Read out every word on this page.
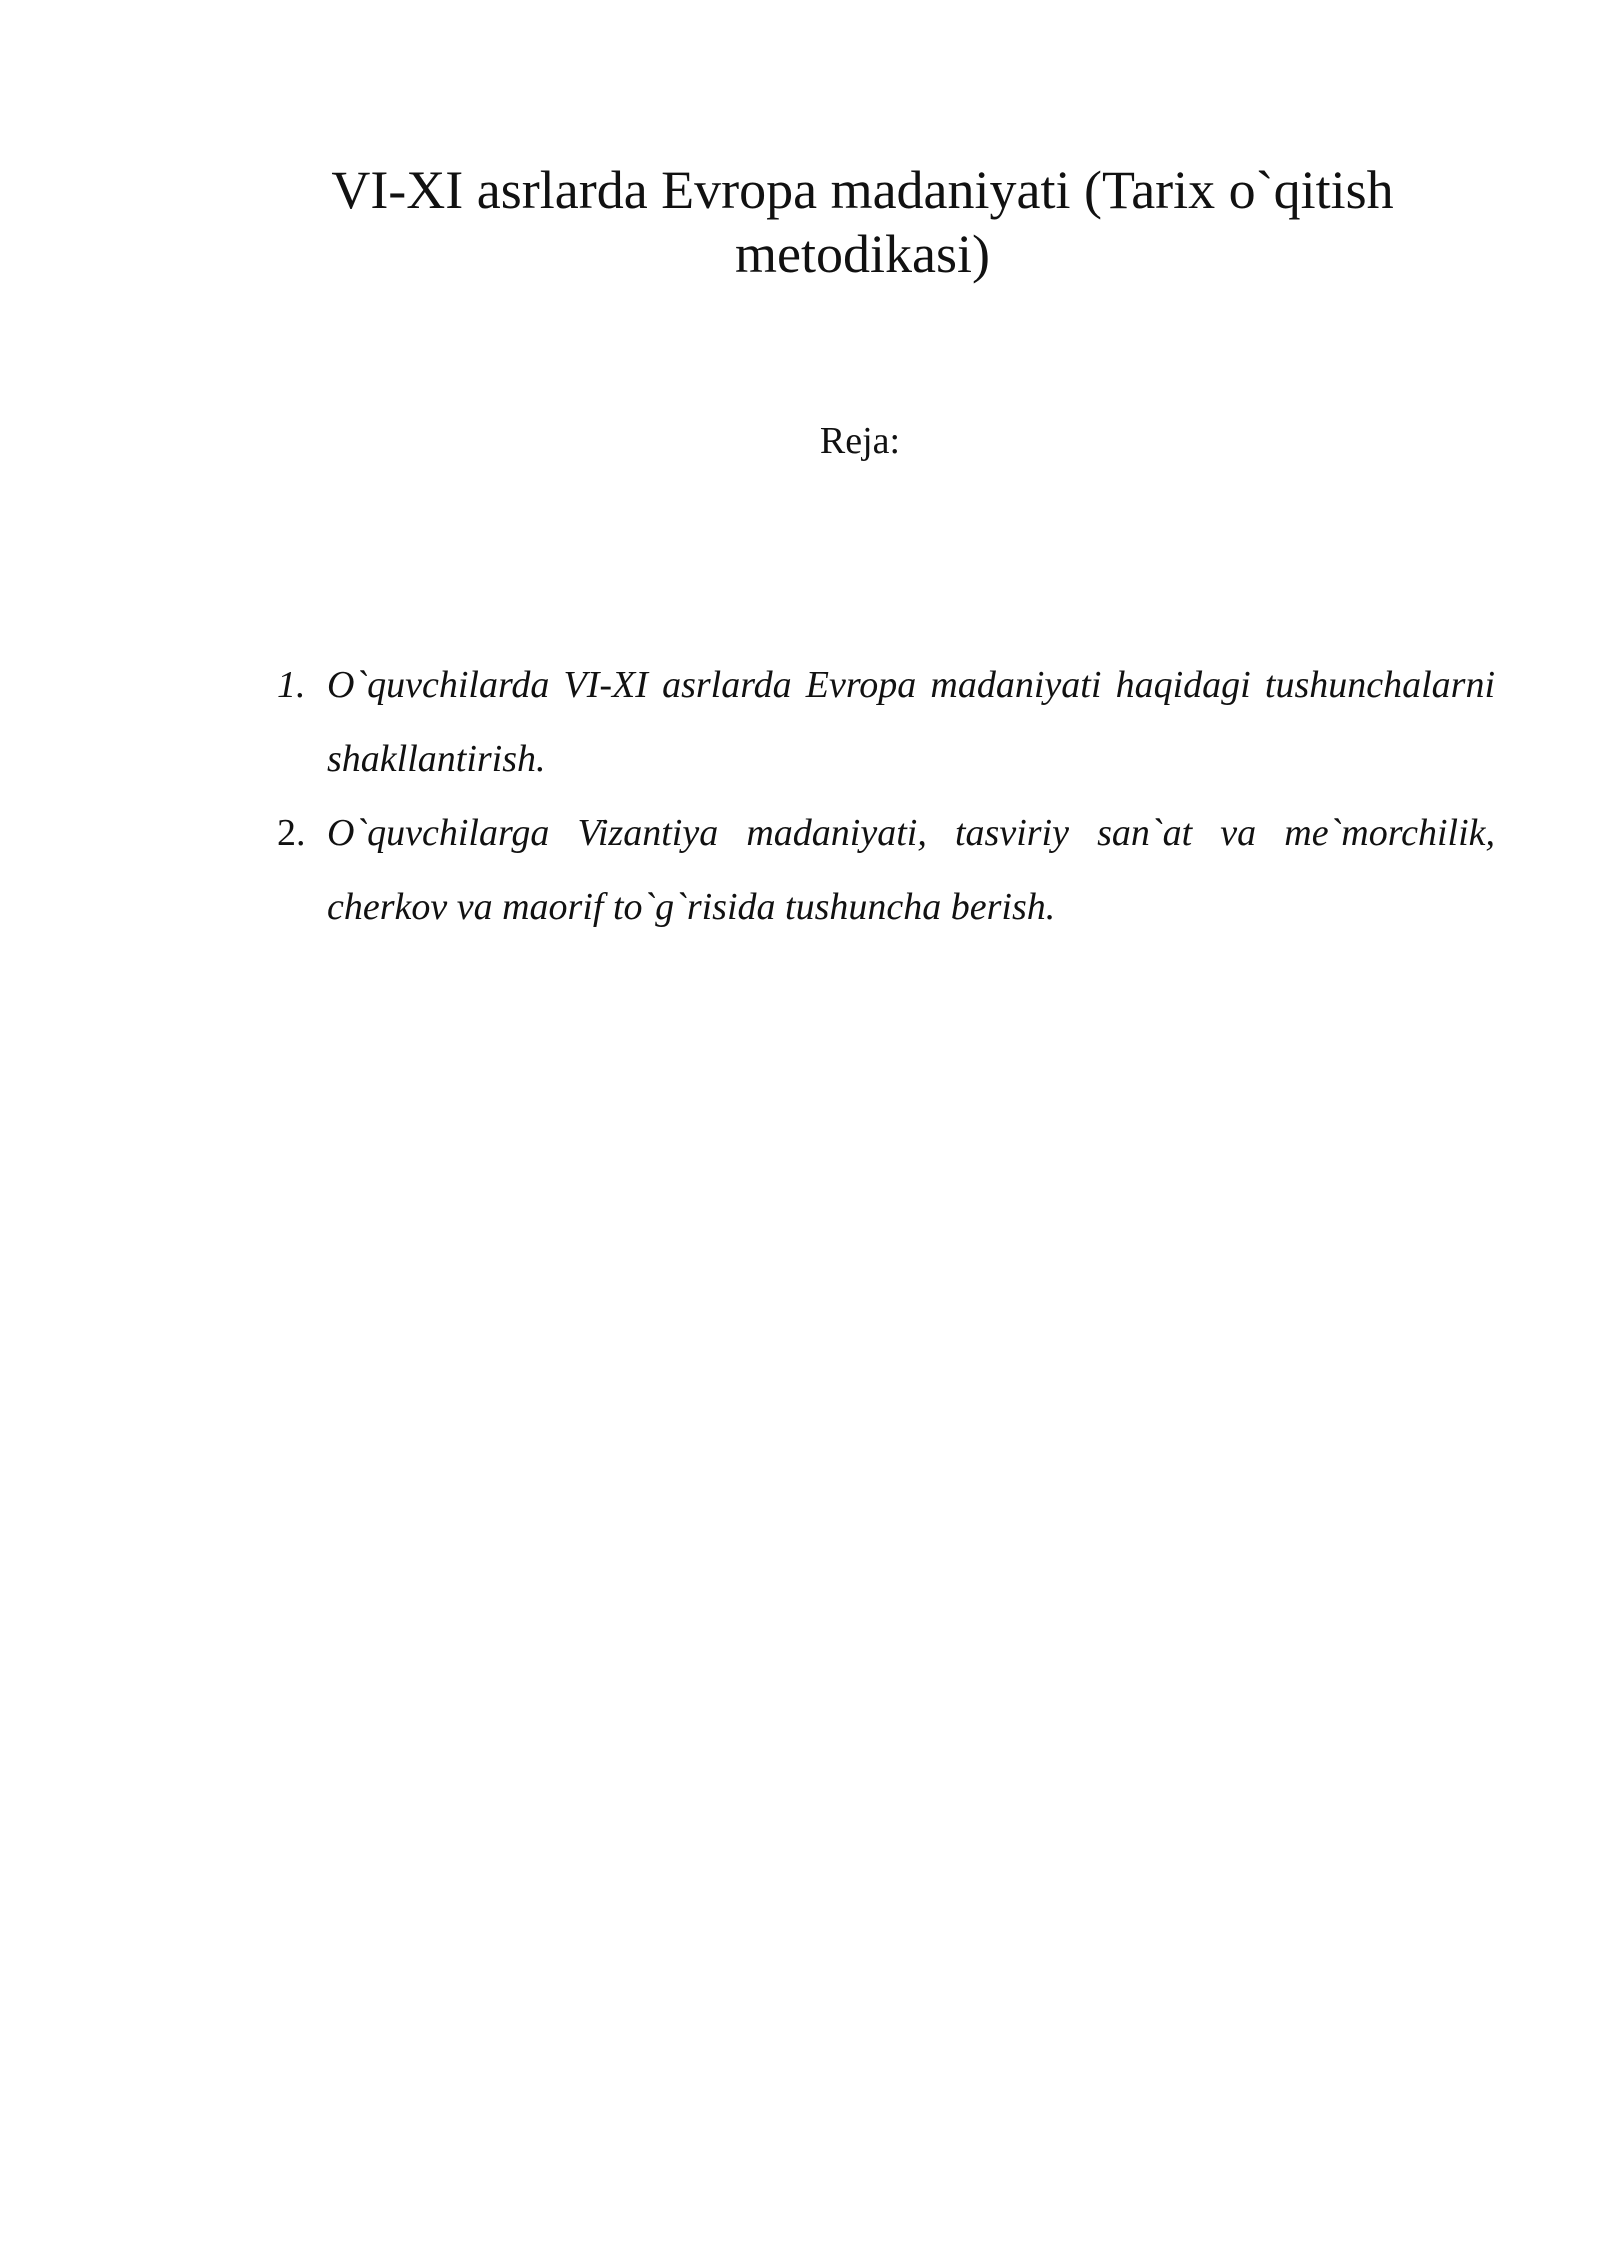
VI-XI asrlarda Evropa madaniyati (Tarix o`qitish metodikasi)
Reja:
1. O`quvchilarda VI-XI asrlarda Evropa madaniyati haqidagi tushunchalarni shakllantirish.
2. O`quvchilarga Vizantiya madaniyati, tasviriy san`at va me`morchilik, cherkov va maorif to`g`risida tushuncha berish.
